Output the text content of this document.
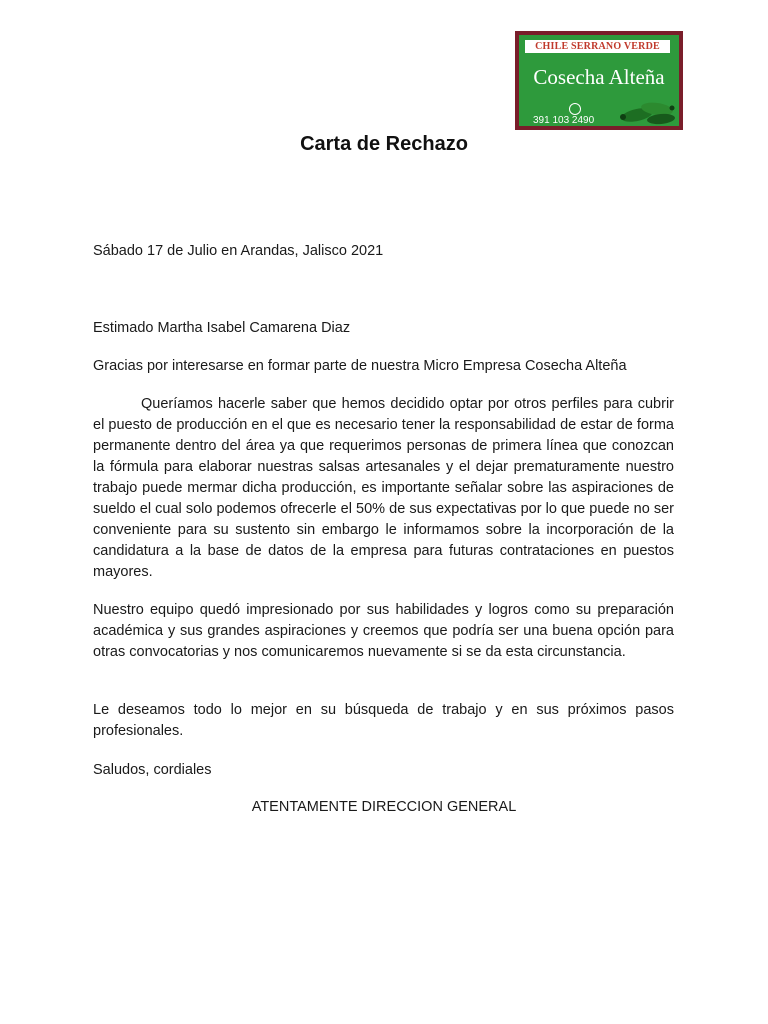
CHILE SERRANO VERDE
Cosecha Alteña
391 103 2490
Carta de Rechazo
Sábado 17 de Julio en Arandas, Jalisco 2021
Estimado Martha Isabel Camarena Diaz
Gracias por interesarse en formar parte de nuestra Micro Empresa Cosecha Alteña
Queríamos hacerle saber que hemos decidido optar por otros perfiles para cubrir el puesto de producción en el que es necesario tener la responsabilidad de estar de forma permanente dentro del área ya que requerimos personas de primera línea que conozcan la fórmula para elaborar nuestras salsas artesanales y el dejar prematuramente nuestro trabajo puede mermar dicha producción, es importante señalar sobre las aspiraciones de sueldo el cual solo podemos ofrecerle el 50% de sus expectativas por lo que puede no ser conveniente para su sustento sin embargo le informamos sobre la incorporación de la candidatura a la base de datos de la empresa para futuras contrataciones en puestos mayores.
Nuestro equipo quedó impresionado por sus habilidades y logros como su preparación académica y sus grandes aspiraciones y creemos que podría ser una buena opción para otras convocatorias y nos comunicaremos nuevamente si se da esta circunstancia.
Le deseamos todo lo mejor en su búsqueda de trabajo y en sus próximos pasos profesionales.
Saludos, cordiales
ATENTAMENTE DIRECCION GENERAL
